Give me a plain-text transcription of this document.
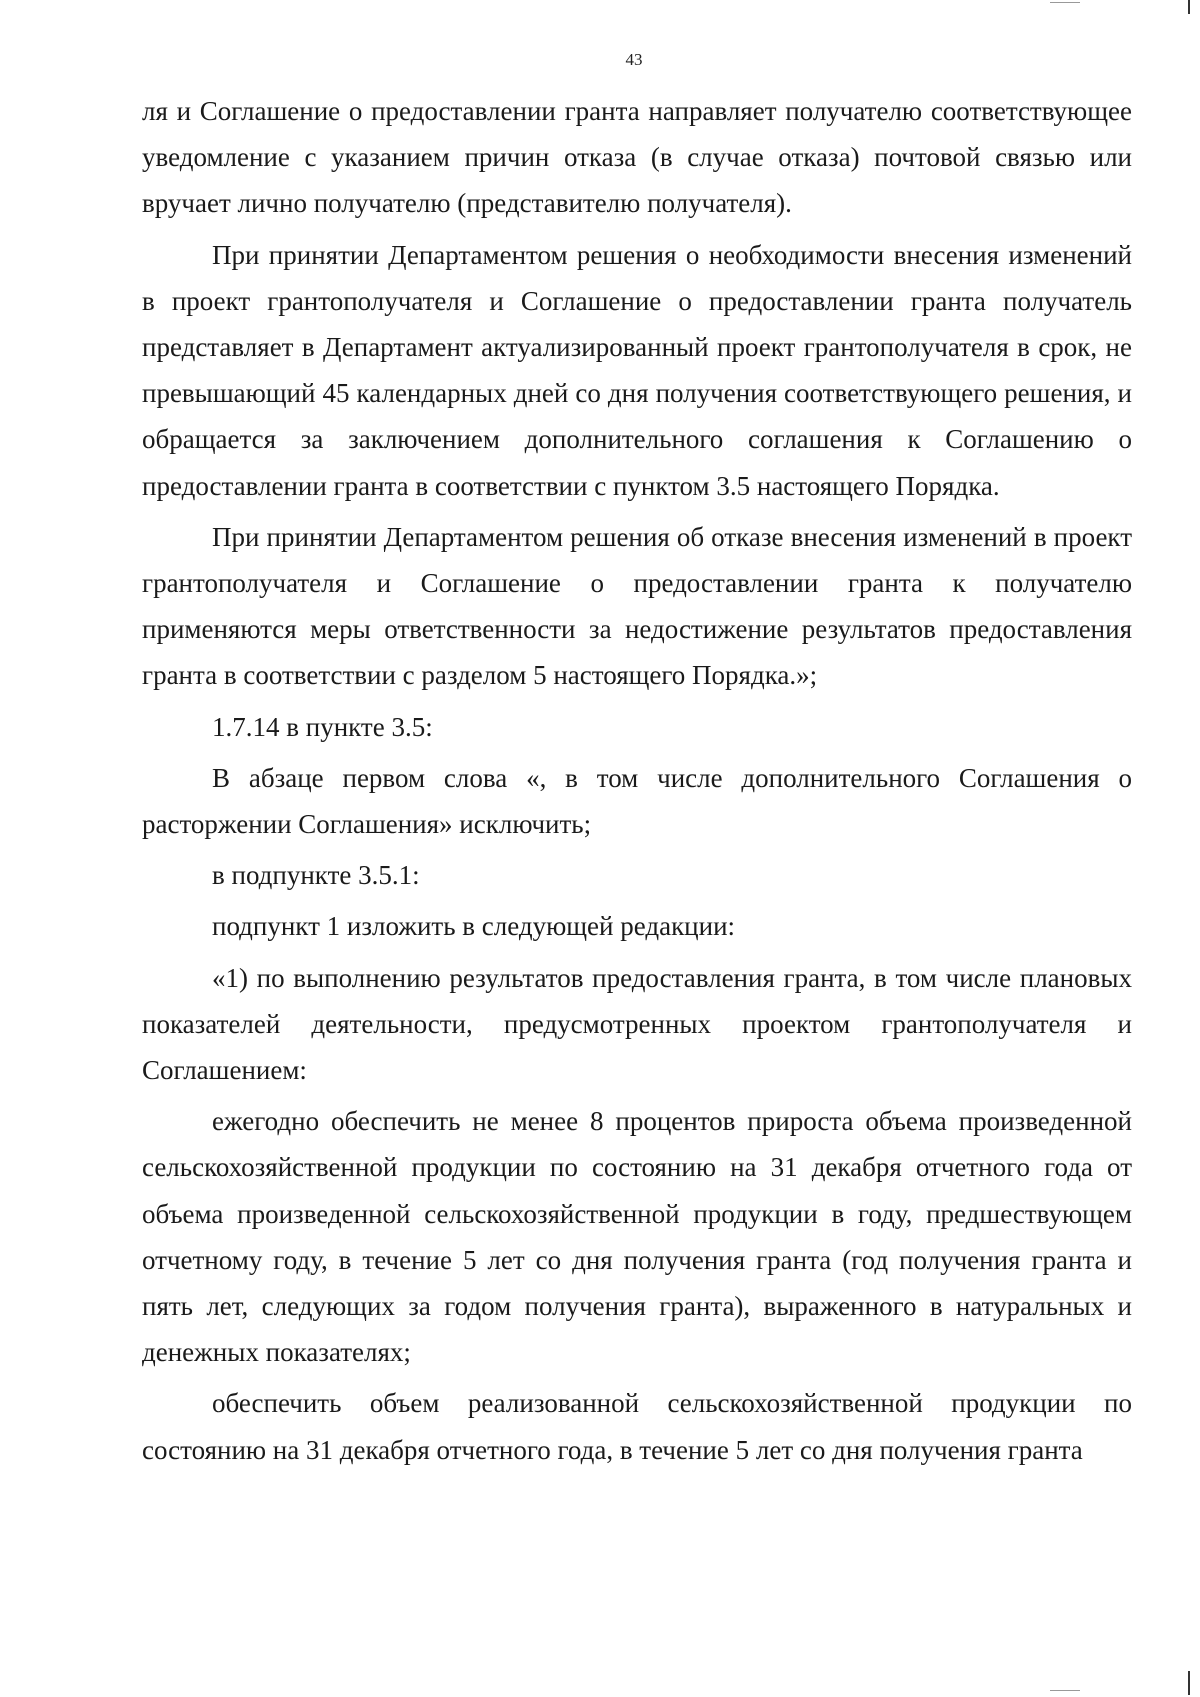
43

ля и Соглашение о предоставлении гранта направляет получателю соответствующее уведомление с указанием причин отказа (в случае отказа) почтовой связью или вручает лично получателю (представителю получателя).

При принятии Департаментом решения о необходимости внесения изменений в проект грантополучателя и Соглашение о предоставлении гранта получатель представляет в Департамент актуализированный проект грантополучателя в срок, не превышающий 45 календарных дней со дня получения соответствующего решения, и обращается за заключением дополнительного соглашения к Соглашению о предоставлении гранта в соответствии с пунктом 3.5 настоящего Порядка.

При принятии Департаментом решения об отказе внесения изменений в проект грантополучателя и Соглашение о предоставлении гранта к получателю применяются меры ответственности за недостижение результатов предоставления гранта в соответствии с разделом 5 настоящего Порядка.»;

1.7.14 в пункте 3.5:

В абзаце первом слова «, в том числе дополнительного Соглашения о расторжении Соглашения» исключить;

в подпункте 3.5.1:

подпункт 1 изложить в следующей редакции:

«1) по выполнению результатов предоставления гранта, в том числе плановых показателей деятельности, предусмотренных проектом грантополучателя и Соглашением:

ежегодно обеспечить не менее 8 процентов прироста объема произведенной сельскохозяйственной продукции по состоянию на 31 декабря отчетного года от объема произведенной сельскохозяйственной продукции в году, предшествующем отчетному году, в течение 5 лет со дня получения гранта (год получения гранта и пять лет, следующих за годом получения гранта), выраженного в натуральных и денежных показателях;

обеспечить объем реализованной сельскохозяйственной продукции по состоянию на 31 декабря отчетного года, в течение 5 лет со дня получения гранта
